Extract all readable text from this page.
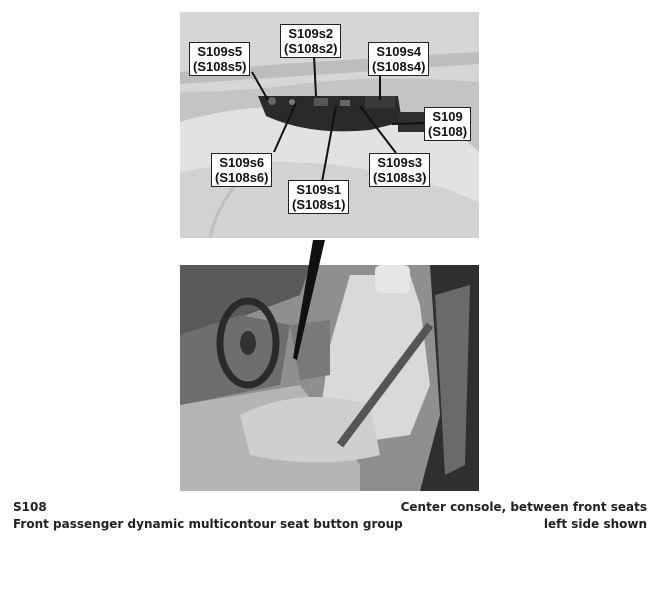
S109s5
(S108s5)
S109s2
(S108s2)	S109s4
(S108s4)
S109
(S108)
S109s6
(S108s6)
S109s3
(S108s3)
S109s1
(S108s1)
S108
Front passenger dynamic multicontour seat button group
Center console, between front seats
left side shown
